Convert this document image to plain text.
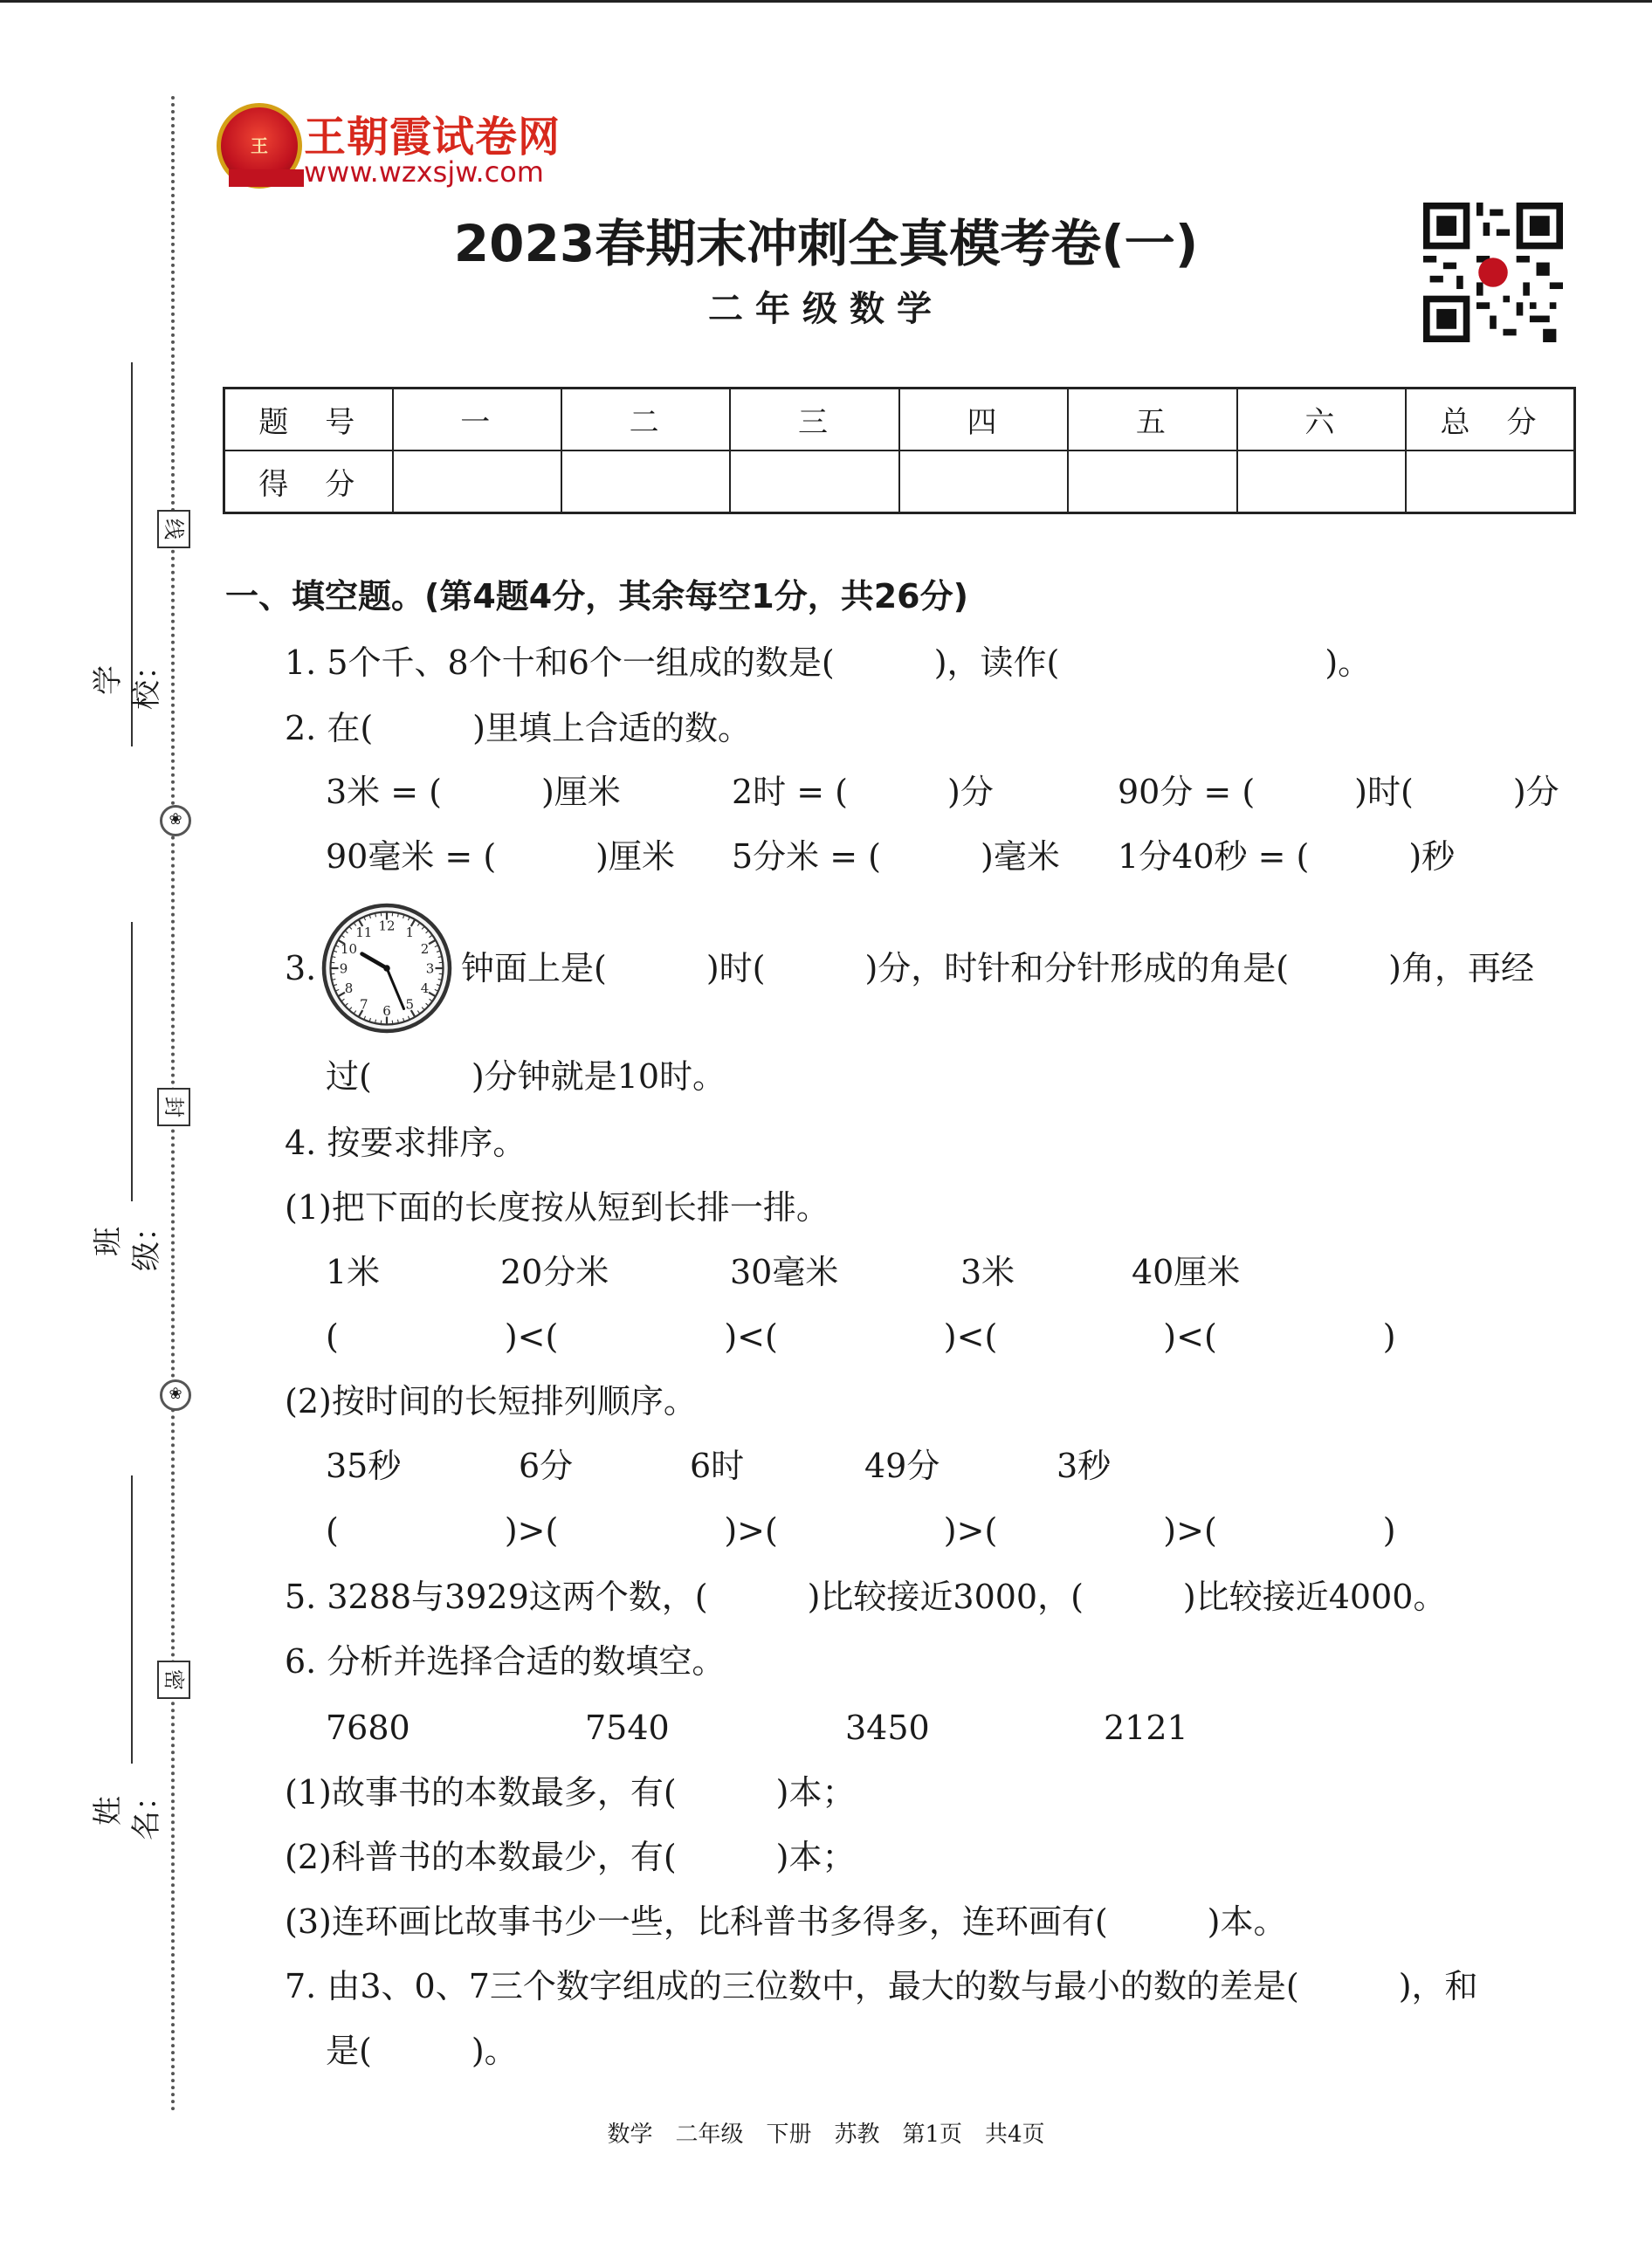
学校：
班级：
姓名：
线
封
密
❀
❀
王 王朝霞试卷网
www.wzxsjw.com
2023春期末冲刺全真模考卷(一)
二年级数学
题　号	一	二	三	四	五	六	总　分
得　分							
一、填空题。(第4题4分，其余每空1分，共26分)
1. 5个千、8个十和6个一组成的数是(　　　)，读作(　　　　　　　　)。
2. 在(　　　)里填上合适的数。
3米 = (　　　)厘米	2时 = (　　　)分	90分 = (　　　)时(　　　)分
90毫米 = (　　　)厘米 5分米 = (　　　)毫米 1分40秒 = (　　　)秒
3.
12 1
2
3
4
5
6
7
8
9
10
11
钟面上是(　　　)时(　　　)分，时针和分针形成的角是(　　　)角，再经
过(　　　)分钟就是10时。
4. 按要求排序。
(1)把下面的长度按从短到长排一排。
1米	20分米	30毫米	3米	40厘米
(　　　　　)<(　　　　　)<(　　　　　)<(　　　　　)<(　　　　　)
(2)按时间的长短排列顺序。
35秒	6分	6时	49分	3秒
(　　　　　)>(　　　　　)>(　　　　　)>(　　　　　)>(　　　　　)
5. 3288与3929这两个数，(　　　)比较接近3000，(　　　)比较接近4000。
6. 分析并选择合适的数填空。
7680	7540	3450	2121
(1)故事书的本数最多，有(　　　)本；
(2)科普书的本数最少，有(　　　)本；
(3)连环画比故事书少一些，比科普书多得多，连环画有(　　　)本。
7. 由3、0、7三个数字组成的三位数中，最大的数与最小的数的差是(　　　)，和
是(　　　)。
数学　二年级　下册　苏教　第1页　共4页
